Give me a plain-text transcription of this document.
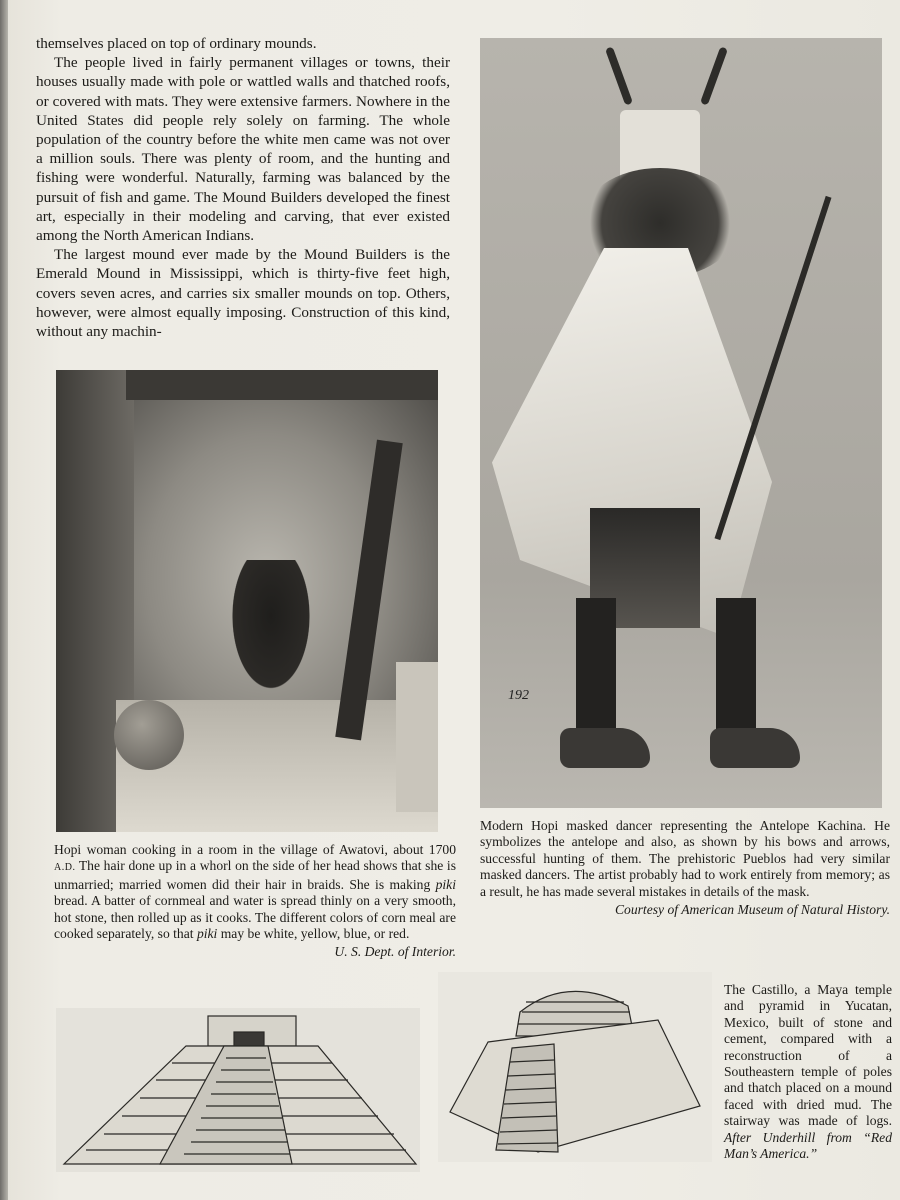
themselves placed on top of ordinary mounds.

The people lived in fairly permanent villages or towns, their houses usually made with pole or wattled walls and thatched roofs, or covered with mats. They were extensive farmers. Nowhere in the United States did people rely solely on farming. The whole population of the country before the white men came was not over a million souls. There was plenty of room, and the hunting and fishing were wonderful. Naturally, farming was balanced by the pursuit of fish and game. The Mound Builders developed the finest art, especially in their modeling and carving, that ever existed among the North American Indians.

The largest mound ever made by the Mound Builders is the Emerald Mound in Mississippi, which is thirty-five feet high, covers seven acres, and carries six smaller mounds on top. Others, however, were almost equally imposing. Construction of this kind, without any machin-

192
Hopi woman cooking in a room in the village of Awatovi, about 1700 A.D. The hair done up in a whorl on the side of her head shows that she is unmarried; married women did their hair in braids. She is making piki bread. A batter of cornmeal and water is spread thinly on a very smooth, hot stone, then rolled up as it cooks. The different colors of corn meal are cooked separately, so that piki may be white, yellow, blue, or red.
U. S. Dept. of Interior.
Modern Hopi masked dancer representing the Antelope Kachina. He symbolizes the antelope and also, as shown by his bows and arrows, successful hunting of them. The prehistoric Pueblos had very similar masked dancers. The artist probably had to work entirely from memory; as a result, he has made several mistakes in details of the mask.
Courtesy of American Museum of Natural History.
The Castillo, a Maya temple and pyramid in Yucatan, Mexico, built of stone and cement, compared with a reconstruction of a Southeastern temple of poles and thatch placed on a mound faced with dried mud. The stairway was made of logs. After Underhill from “Red Man’s America.”
